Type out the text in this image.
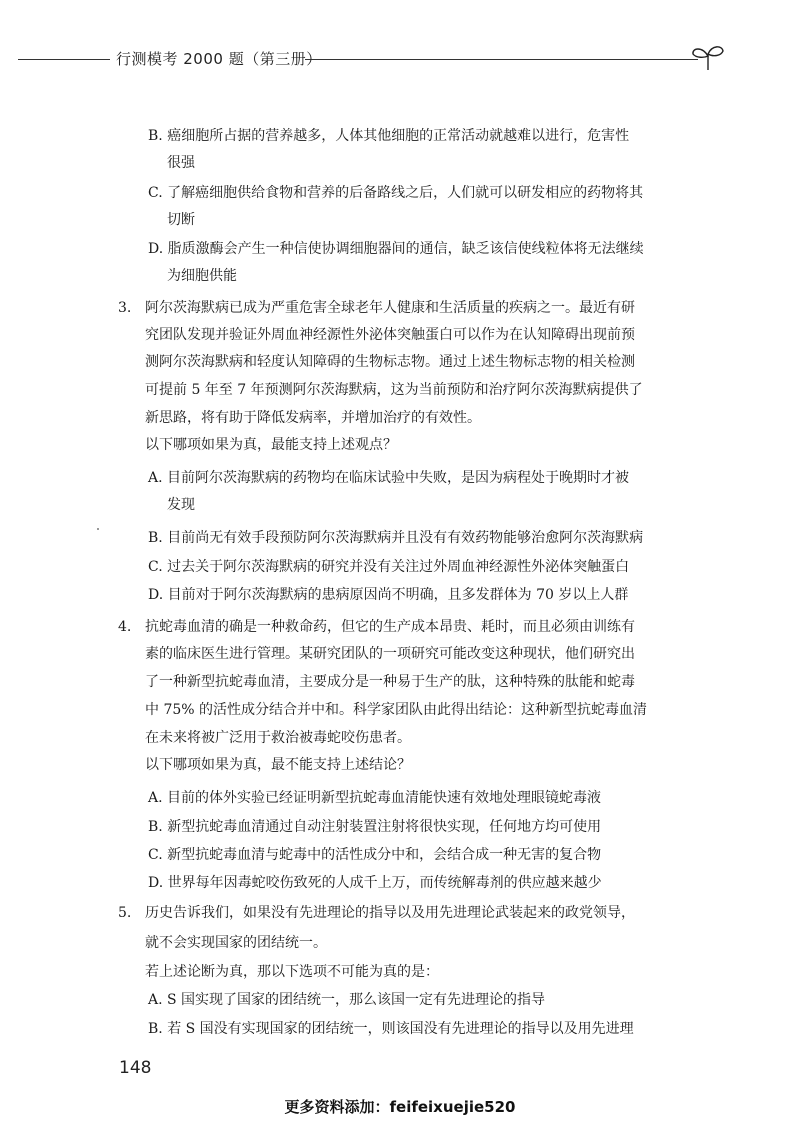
行测模考 2000 题（第三册）
B. 癌细胞所占据的营养越多，人体其他细胞的正常活动就越难以进行，危害性
很强
C. 了解癌细胞供给食物和营养的后备路线之后，人们就可以研发相应的药物将其
切断
D. 脂质激酶会产生一种信使协调细胞器间的通信，缺乏该信使线粒体将无法继续
为细胞供能
3. 阿尔茨海默病已成为严重危害全球老年人健康和生活质量的疾病之一。最近有研
究团队发现并验证外周血神经源性外泌体突触蛋白可以作为在认知障碍出现前预
测阿尔茨海默病和轻度认知障碍的生物标志物。通过上述生物标志物的相关检测
可提前 5 年至 7 年预测阿尔茨海默病，这为当前预防和治疗阿尔茨海默病提供了
新思路，将有助于降低发病率，并增加治疗的有效性。
以下哪项如果为真，最能支持上述观点？
A. 目前阿尔茨海默病的药物均在临床试验中失败，是因为病程处于晚期时才被
发现
B. 目前尚无有效手段预防阿尔茨海默病并且没有有效药物能够治愈阿尔茨海默病
C. 过去关于阿尔茨海默病的研究并没有关注过外周血神经源性外泌体突触蛋白
D. 目前对于阿尔茨海默病的患病原因尚不明确，且多发群体为 70 岁以上人群
4. 抗蛇毒血清的确是一种救命药，但它的生产成本昂贵、耗时，而且必须由训练有
素的临床医生进行管理。某研究团队的一项研究可能改变这种现状，他们研究出
了一种新型抗蛇毒血清，主要成分是一种易于生产的肽，这种特殊的肽能和蛇毒
中 75% 的活性成分结合并中和。科学家团队由此得出结论：这种新型抗蛇毒血清
在未来将被广泛用于救治被毒蛇咬伤患者。
以下哪项如果为真，最不能支持上述结论？
A. 目前的体外实验已经证明新型抗蛇毒血清能快速有效地处理眼镜蛇毒液
B. 新型抗蛇毒血清通过自动注射装置注射将很快实现，任何地方均可使用
C. 新型抗蛇毒血清与蛇毒中的活性成分中和，会结合成一种无害的复合物
D. 世界每年因毒蛇咬伤致死的人成千上万，而传统解毒剂的供应越来越少
5. 历史告诉我们，如果没有先进理论的指导以及用先进理论武装起来的政党领导，
就不会实现国家的团结统一。
若上述论断为真，那以下选项不可能为真的是：
A. S 国实现了国家的团结统一，那么该国一定有先进理论的指导
B. 若 S 国没有实现国家的团结统一，则该国没有先进理论的指导以及用先进理
148
更多资料添加：feifeixuejie520
